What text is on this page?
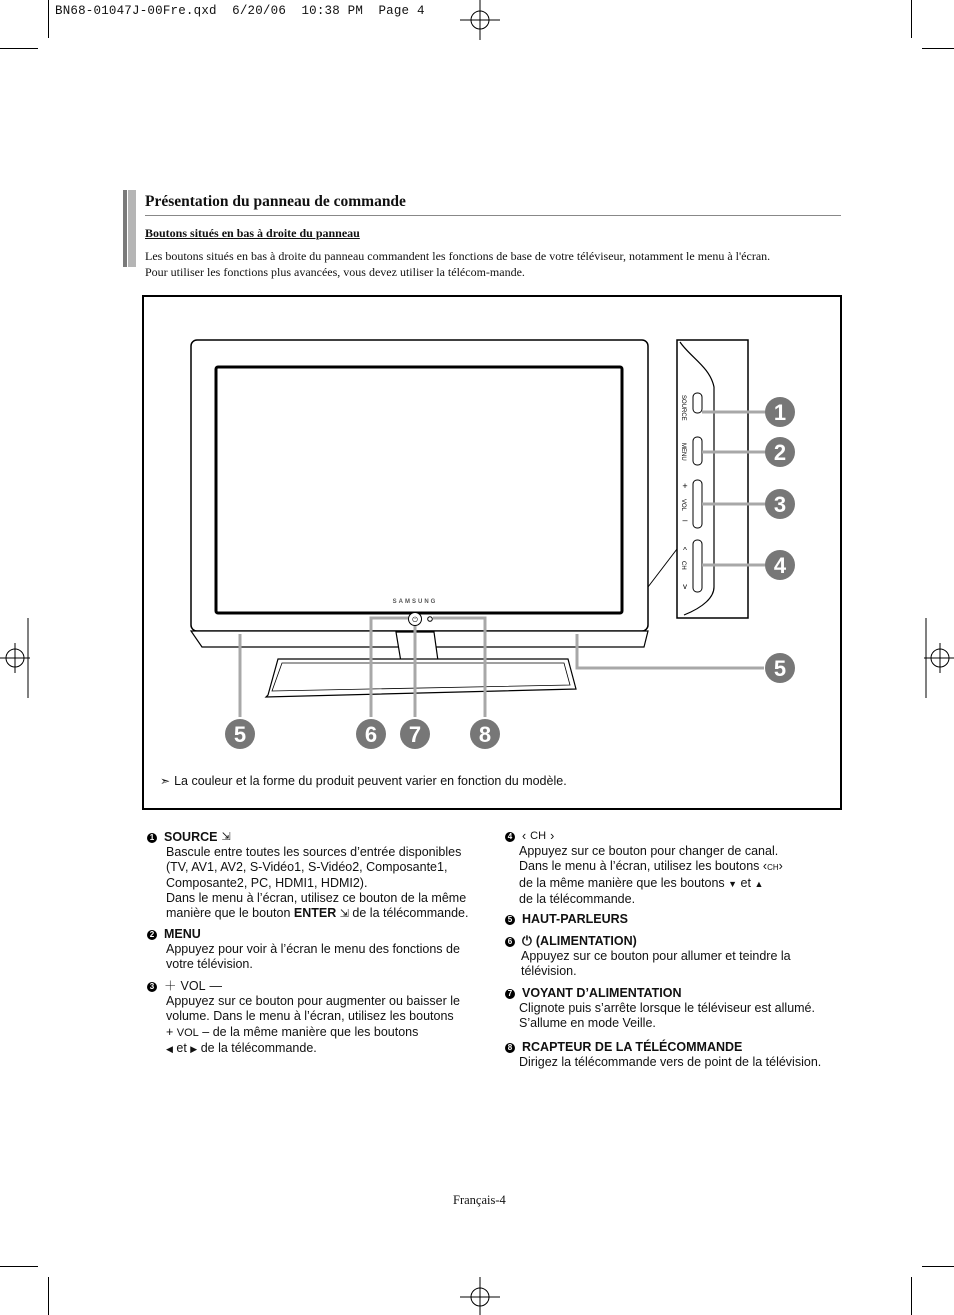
BN68-01047J-00Fre.qxd  6/20/06  10:38 PM  Page 4
Présentation du panneau de commande
Boutons situés en bas à droite du panneau
Les boutons situés en bas à droite du panneau commandent les fonctions de base de votre téléviseur, notamment le menu à l'écran.
Pour utiliser les fonctions plus avancées, vous devez utiliser la télécom-mande.
SAMSUNG
⏻
SOURCE
MENU
VOL
CH
+
–
^
v
1
2
3
4
5
5	6 7	8
➣ La couleur et la forme du produit peuvent varier en fonction du modèle.
1 SOURCE ⇲

Bascule entre toutes les sources d’entrée disponibles

(TV, AV1, AV2, S-Vidéo1, S-Vidéo2, Composante1,

Composante2, PC, HDMI1, HDMI2).

Dans le menu à l’écran, utilisez ce bouton de la même

manière que le bouton ENTER ⇲ de la télécommande.

2 MENU

Appuyez pour voir à l’écran le menu des fonctions de

votre télévision.

3 ＋ VOL —

Appuyez sur ce bouton pour augmenter ou baisser le

volume. Dans le menu à l’écran, utilisez les boutons

+ VOL – de la même manière que les boutons

◀ et ▶ de la télécommande.

4 ‹ CH ›

Appuyez sur ce bouton pour changer de canal.

Dans le menu à l’écran, utilisez les boutons ‹CH›

de la même manière que les boutons ▼ et ▲

de la télécommande.

5 HAUT-PARLEURS
6 ⏻ (ALIMENTATION)

Appuyez sur ce bouton pour allumer et teindre la

télévision.

7 VOYANT D’ALIMENTATION

Clignote puis s’arrête lorsque le téléviseur est allumé.

S’allume en mode Veille.

8 RCAPTEUR DE LA TÉLÉCOMMANDE

Dirigez la télécommande vers de point de la télévision.

Français-4
